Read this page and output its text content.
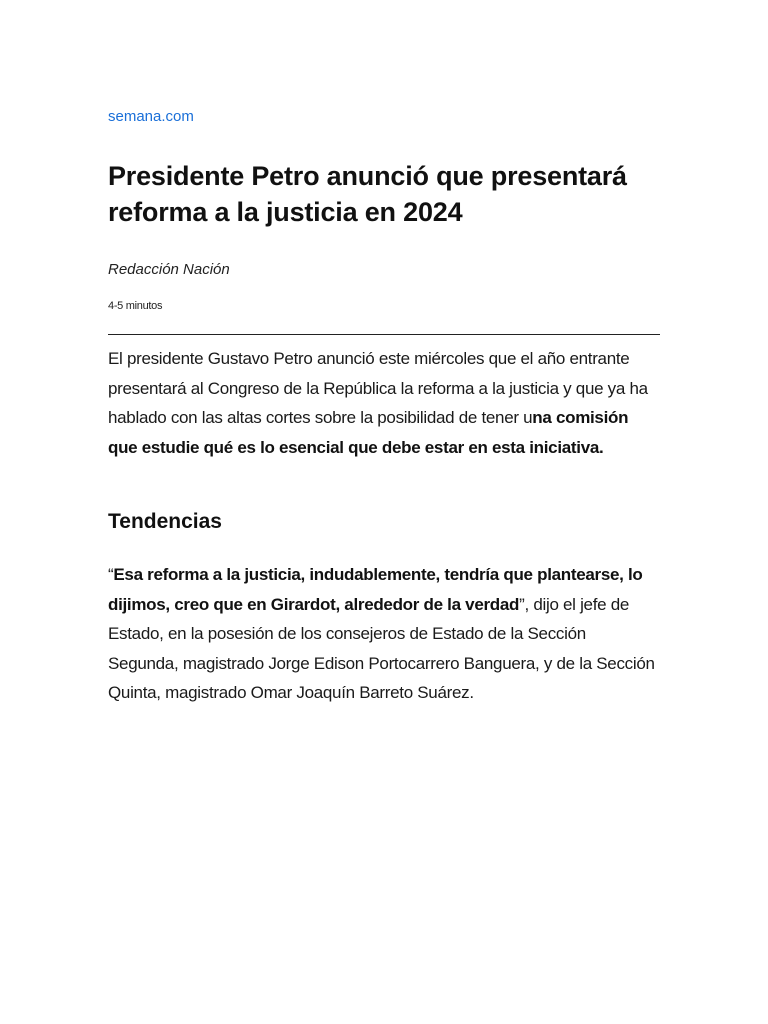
semana.com
Presidente Petro anunció que presentará reforma a la justicia en 2024
Redacción Nación
4-5 minutos

El presidente Gustavo Petro anunció este miércoles que el año entrante presentará al Congreso de la República la reforma a la justicia y que ya ha hablado con las altas cortes sobre la posibilidad de tener una comisión que estudie qué es lo esencial que debe estar en esta iniciativa.

Tendencias

“Esa reforma a la justicia, indudablemente, tendría que plantearse, lo dijimos, creo que en Girardot, alrededor de la verdad”, dijo el jefe de Estado, en la posesión de los consejeros de Estado de la Sección Segunda, magistrado Jorge Edison Portocarrero Banguera, y de la Sección Quinta, magistrado Omar Joaquín Barreto Suárez.
